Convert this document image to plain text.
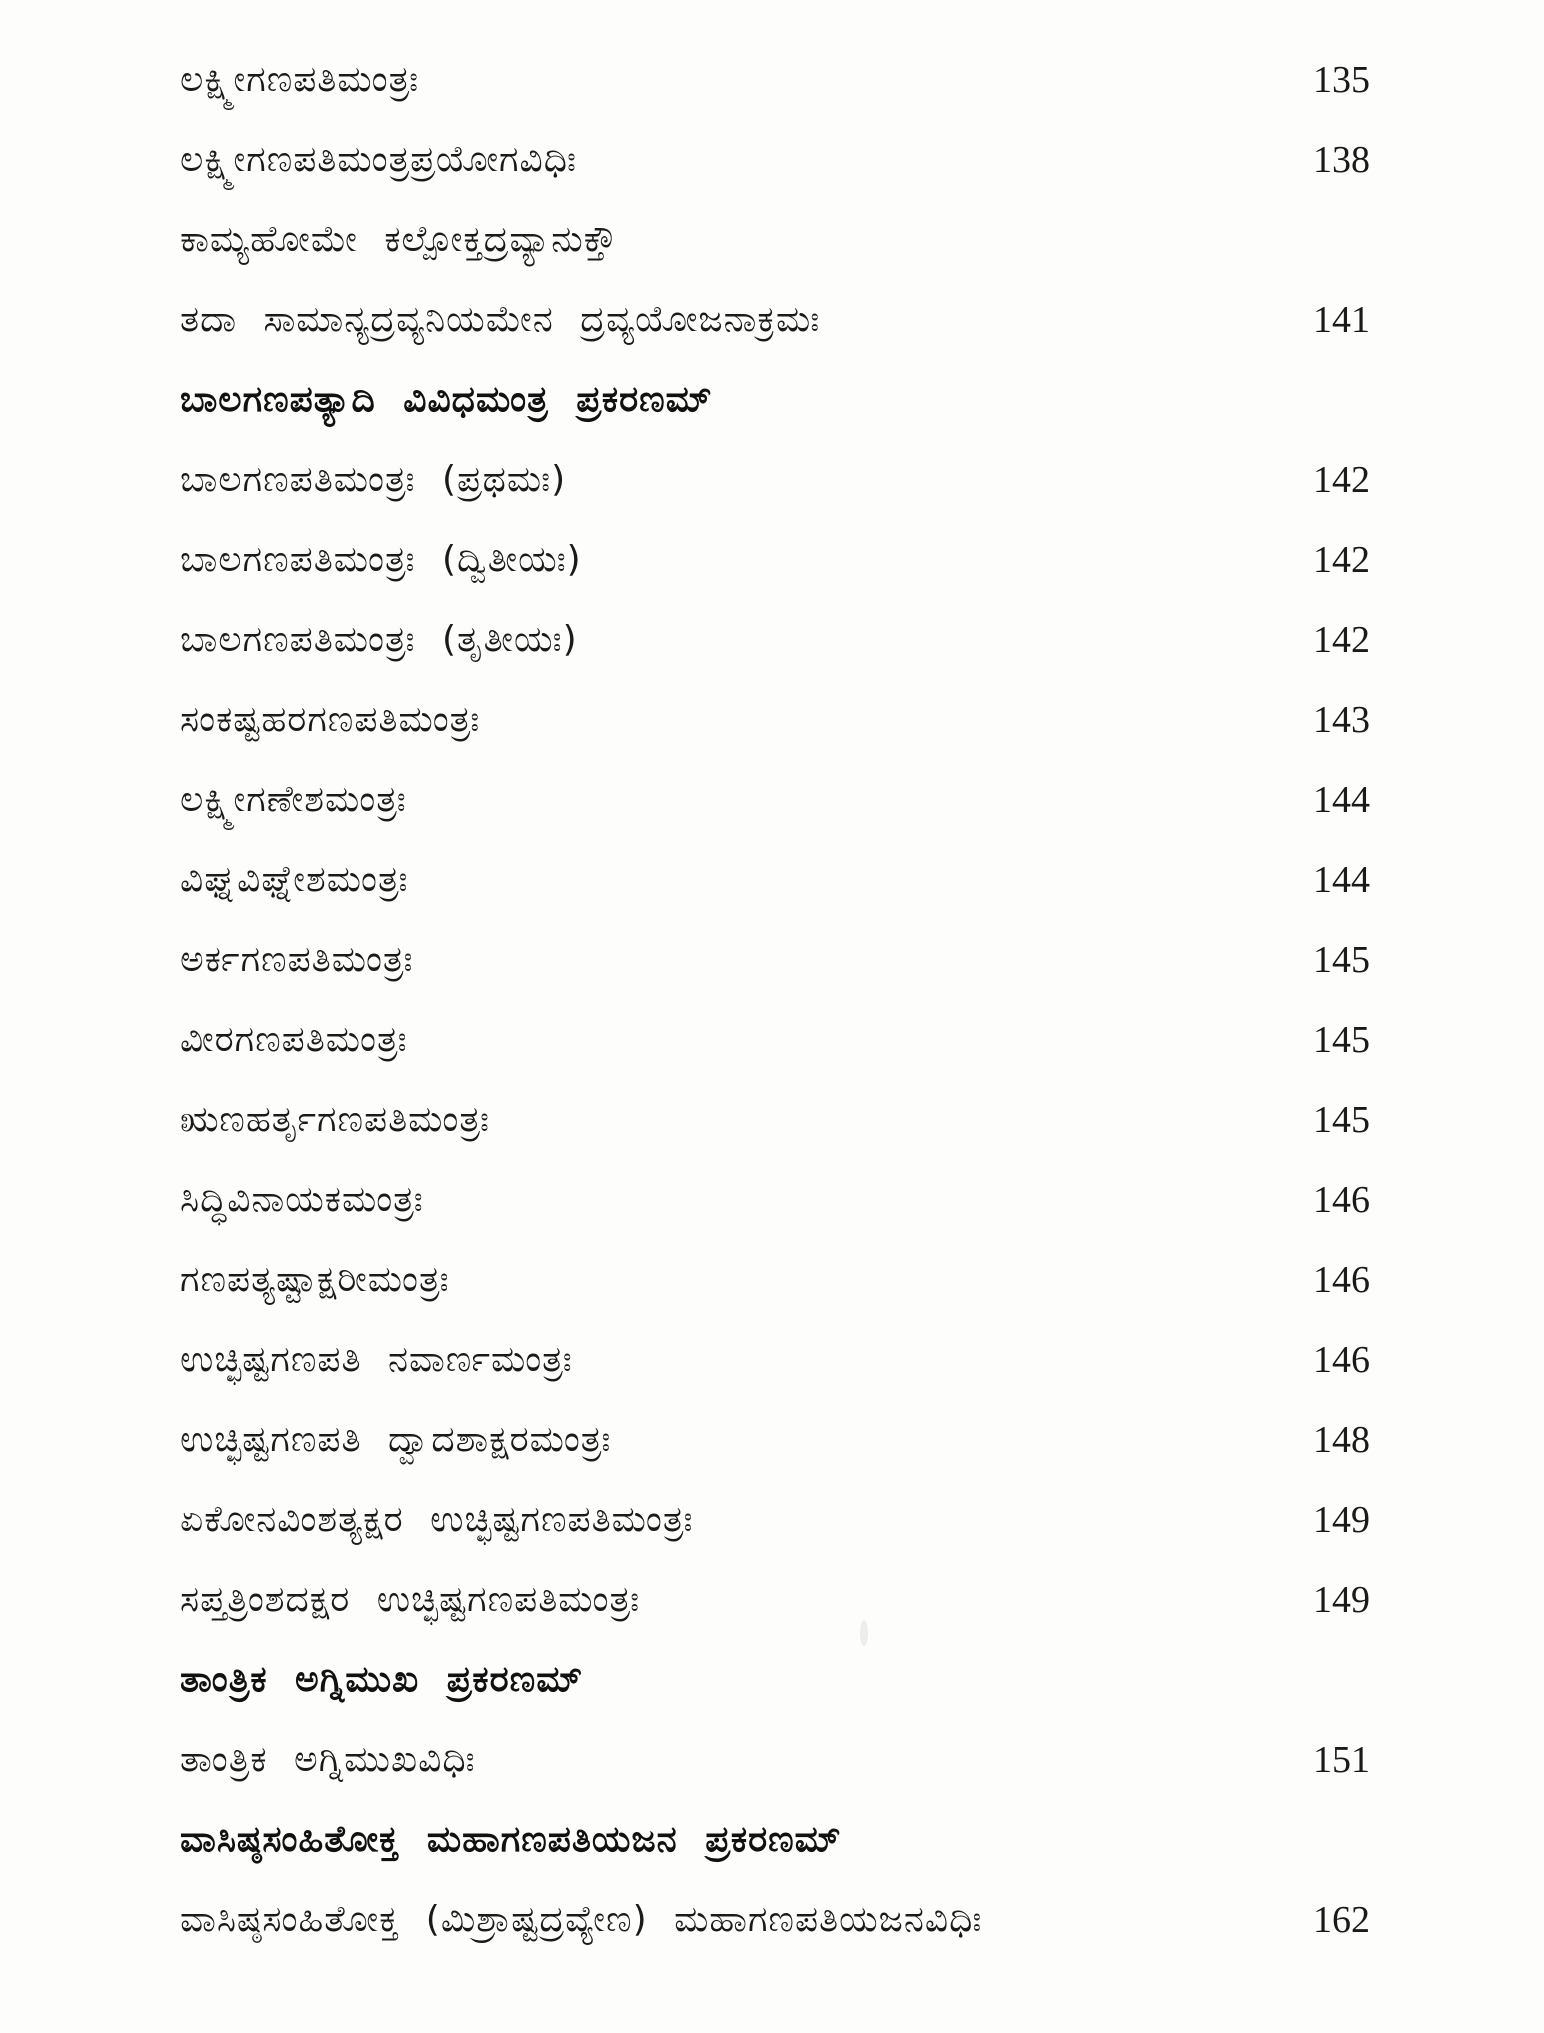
ಲಕ್ಷ್ಮೀಗಣಪತಿಮಂತ್ರಃ	135
ಲಕ್ಷ್ಮೀಗಣಪತಿಮಂತ್ರಪ್ರಯೋಗವಿಧಿಃ	138
ಕಾಮ್ಯಹೋಮೇ ಕಲ್ಪೋಕ್ತದ್ರವ್ಯಾನುಕ್ತೌ
ತದಾ ಸಾಮಾನ್ಯದ್ರವ್ಯನಿಯಮೇನ ದ್ರವ್ಯಯೋಜನಾಕ್ರಮಃ	141
ಬಾಲಗಣಪತ್ಯಾದಿ ವಿವಿಧಮಂತ್ರ ಪ್ರಕರಣಮ್
ಬಾಲಗಣಪತಿಮಂತ್ರಃ (ಪ್ರಥಮಃ)	142
ಬಾಲಗಣಪತಿಮಂತ್ರಃ (ದ್ವಿತೀಯಃ)	142
ಬಾಲಗಣಪತಿಮಂತ್ರಃ (ತೃತೀಯಃ)	142
ಸಂಕಷ್ಟಹರಗಣಪತಿಮಂತ್ರಃ	143
ಲಕ್ಷ್ಮೀಗಣೇಶಮಂತ್ರಃ	144
ವಿಘ್ನವಿಘ್ನೇಶಮಂತ್ರಃ	144
ಅರ್ಕಗಣಪತಿಮಂತ್ರಃ	145
ವೀರಗಣಪತಿಮಂತ್ರಃ	145
ಋಣಹರ್ತೃಗಣಪತಿಮಂತ್ರಃ	145
ಸಿದ್ಧಿವಿನಾಯಕಮಂತ್ರಃ	146
ಗಣಪತ್ಯಷ್ಟಾಕ್ಷರೀಮಂತ್ರಃ	146
ಉಚ್ಛಿಷ್ಟಗಣಪತಿ ನವಾರ್ಣಮಂತ್ರಃ	146
ಉಚ್ಛಿಷ್ಟಗಣಪತಿ ದ್ವಾದಶಾಕ್ಷರಮಂತ್ರಃ	148
ಏಕೋನವಿಂಶತ್ಯಕ್ಷರ ಉಚ್ಛಿಷ್ಟಗಣಪತಿಮಂತ್ರಃ	149
ಸಪ್ತತ್ರಿಂಶದಕ್ಷರ ಉಚ್ಛಿಷ್ಟಗಣಪತಿಮಂತ್ರಃ	149
ತಾಂತ್ರಿಕ ಅಗ್ನಿಮುಖ ಪ್ರಕರಣಮ್
ತಾಂತ್ರಿಕ ಅಗ್ನಿಮುಖವಿಧಿಃ	151
ವಾಸಿಷ್ಠಸಂಹಿತೋಕ್ತ ಮಹಾಗಣಪತಿಯಜನ ಪ್ರಕರಣಮ್
ವಾಸಿಷ್ಠಸಂಹಿತೋಕ್ತ (ಮಿಶ್ರಾಷ್ಟದ್ರವ್ಯೇಣ) ಮಹಾಗಣಪತಿಯಜನವಿಧಿಃ	162
